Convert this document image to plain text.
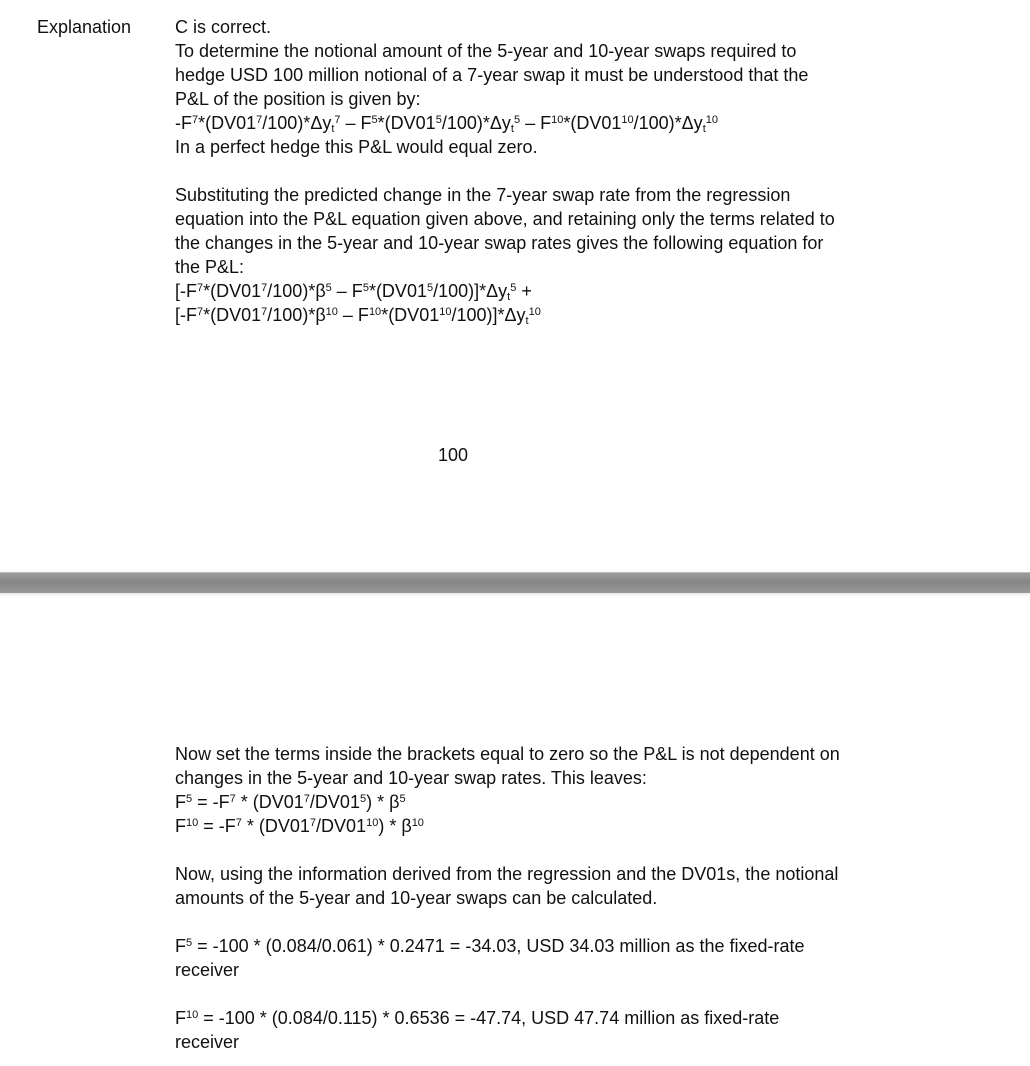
Explanation C is correct.
To determine the notional amount of the 5-year and 10-year swaps required to
hedge USD 100 million notional of a 7-year swap it must be understood that the
P&L of the position is given by:
$-F^7*(DV01^7/100)*\Delta y_t^7 - F^5*(DV01^5/100)*\Delta y_t^5 - F^{10}*(DV01^{10}/100)*\Delta y_t^{10}$
In a perfect hedge this P&L would equal zero.

Substituting the predicted change in the 7-year swap rate from the regression
equation into the P&L equation given above, and retaining only the terms related to
the changes in the 5-year and 10-year swap rates gives the following equation for
the P&L:
$[-F^7*(DV01^7/100)*\beta^5 - F^5*(DV01^5/100)]*\Delta y_t^5$ +
$[-F^7*(DV01^7/100)*\beta^{10} - F^{10}*(DV01^{10}/100)]*\Delta y_t^{10}$
100
Now set the terms inside the brackets equal to zero so the P&L is not dependent on
changes in the 5-year and 10-year swap rates. This leaves:
$F^5 = -F^7 * (DV01^7/DV01^5) * \beta^5$
$F^{10} = -F^7 * (DV01^7/DV01^{10}) * \beta^{10}$

Now, using the information derived from the regression and the DV01s, the notional
amounts of the 5-year and 10-year swaps can be calculated.

$F^5 = -100 * (0.084/0.061) * 0.2471 = -34.03$, USD 34.03 million as the fixed-rate
receiver

$F^{10} = -100 * (0.084/0.115) * 0.6536 = -47.74$, USD 47.74 million as fixed-rate
receiver
